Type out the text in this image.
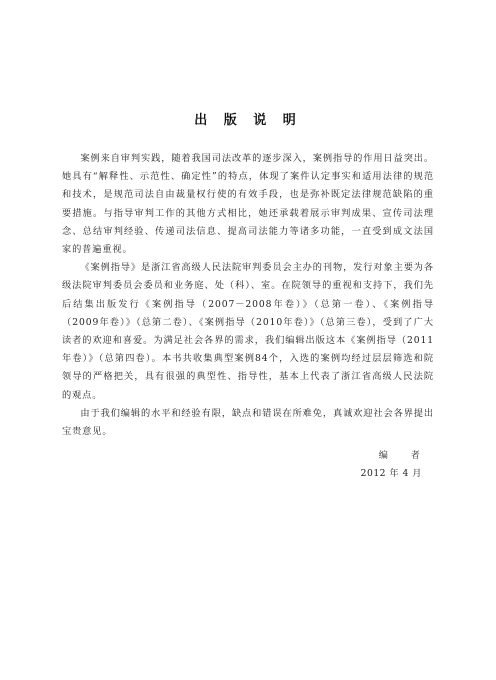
出 版 说 明

案例来自审判实践，随着我国司法改革的逐步深入，案例指导的作用日益突出。她具有“解释性、示范性、确定性”的特点，体现了案件认定事实和适用法律的规范和技术，是规范司法自由裁量权行使的有效手段，也是弥补既定法律规范缺陷的重要措施。与指导审判工作的其他方式相比，她还承载着展示审判成果、宣传司法理念、总结审判经验、传递司法信息、提高司法能力等诸多功能，一直受到成文法国家的普遍重视。

《案例指导》是浙江省高级人民法院审判委员会主办的刊物，发行对象主要为各级法院审判委员会委员和业务庭、处（科）、室。在院领导的重视和支持下，我们先后结集出版发行《案例指导（2007－2008年卷）》（总第一卷）、《案例指导（2009年卷）》（总第二卷）、《案例指导（2010年卷）》（总第三卷），受到了广大读者的欢迎和喜爱。为满足社会各界的需求，我们编辑出版这本《案例指导（2011年卷）》（总第四卷）。本书共收集典型案例84个，入选的案例均经过层层筛选和院领导的严格把关，具有很强的典型性、指导性，基本上代表了浙江省高级人民法院的观点。

由于我们编辑的水平和经验有限，缺点和错误在所难免，真诚欢迎社会各界提出宝贵意见。

编 者

2012 年 4 月
